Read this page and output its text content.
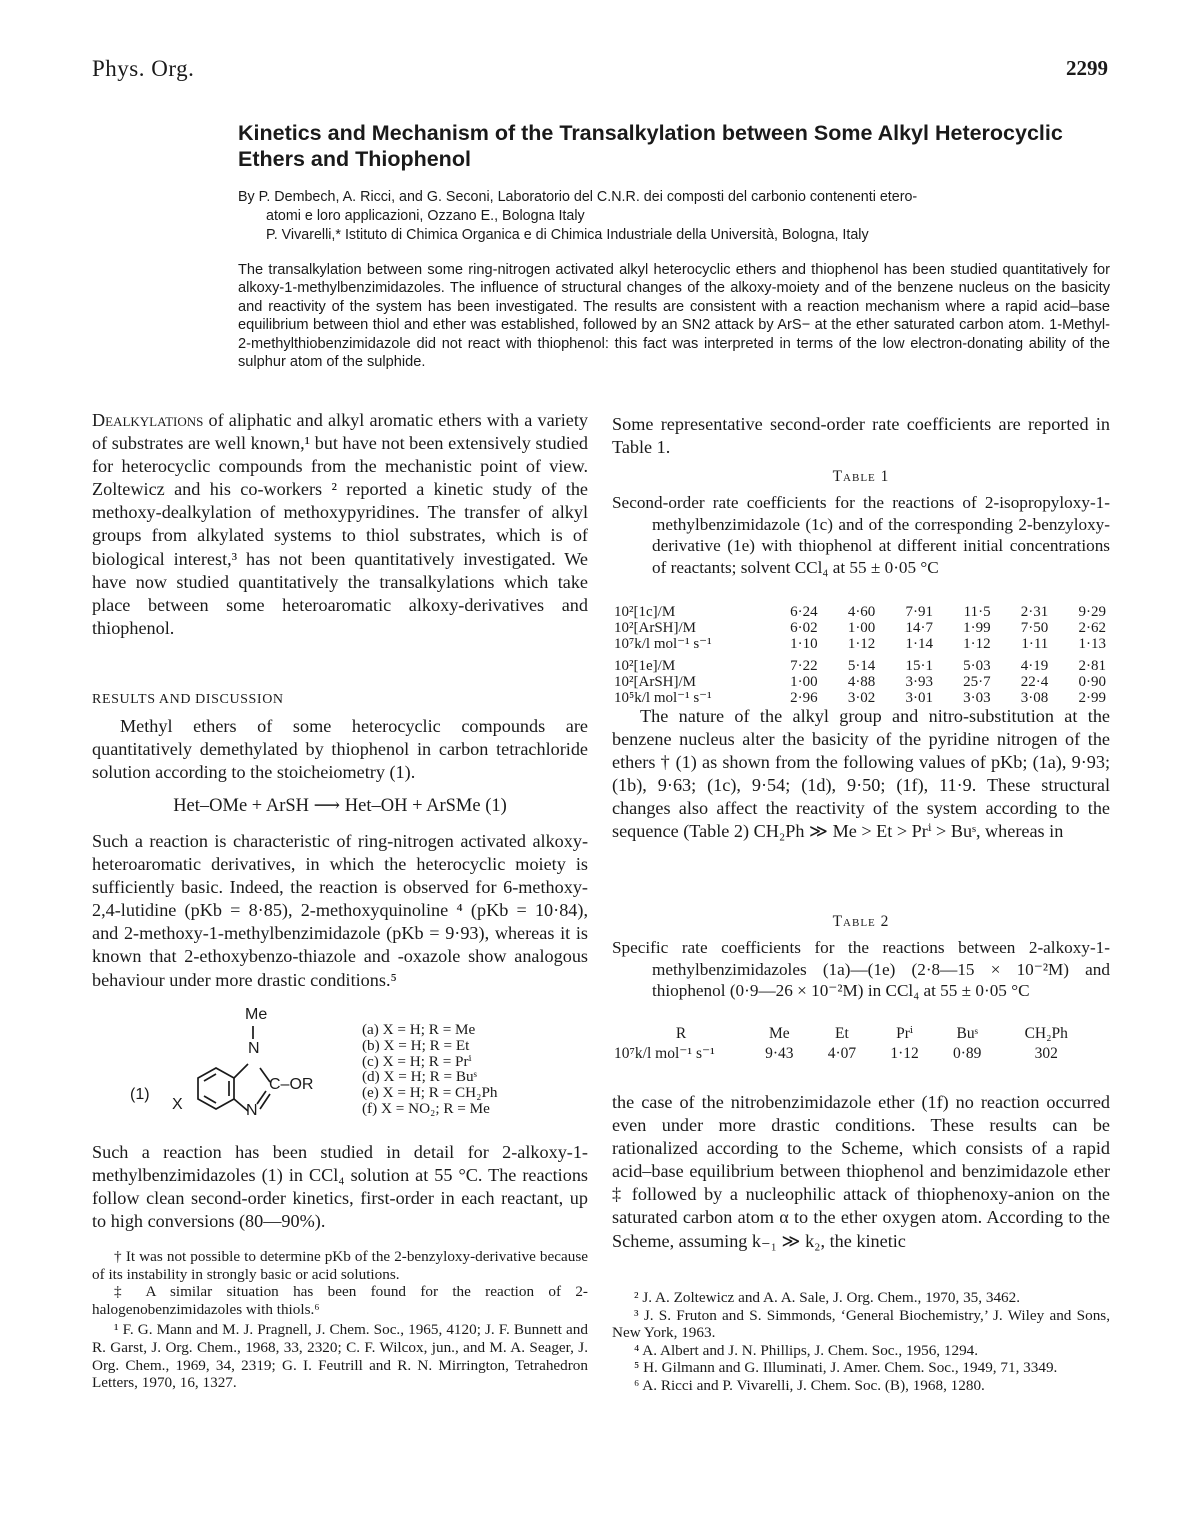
Phys. Org.	2299
Kinetics and Mechanism of the Transalkylation between Some Alkyl Heterocyclic Ethers and Thiophenol
By P. Dembech, A. Ricci, and G. Seconi, Laboratorio del C.N.R. dei composti del carbonio contenenti etero-
atomi e loro applicazioni, Ozzano E., Bologna Italy
P. Vivarelli,* Istituto di Chimica Organica e di Chimica Industriale della Università, Bologna, Italy
The transalkylation between some ring-nitrogen activated alkyl heterocyclic ethers and thiophenol has been studied quantitatively for alkoxy-1-methylbenzimidazoles. The influence of structural changes of the alkoxy-moiety and of the benzene nucleus on the basicity and reactivity of the system has been investigated. The results are consistent with a reaction mechanism where a rapid acid–base equilibrium between thiol and ether was established, followed by an SN2 attack by ArS− at the ether saturated carbon atom. 1-Methyl-2-methylthiobenzimidazole did not react with thiophenol: this fact was interpreted in terms of the low electron-donating ability of the sulphur atom of the sulphide.
Dealkylations of aliphatic and alkyl aromatic ethers with a variety of substrates are well known,¹ but have not been extensively studied for heterocyclic compounds from the mechanistic point of view. Zoltewicz and his co-workers ² reported a kinetic study of the methoxy-dealkylation of methoxypyridines. The transfer of alkyl groups from alkylated systems to thiol substrates, which is of biological interest,³ has not been quantitatively investigated. We have now studied quantitatively the transalkylations which take place between some heteroaromatic alkoxy-derivatives and thiophenol.
RESULTS AND DISCUSSION
Methyl ethers of some heterocyclic compounds are quantitatively demethylated by thiophenol in carbon tetrachloride solution according to the stoicheiometry (1).
Het–OMe + ArSH ⟶ Het–OH + ArSMe (1)
Such a reaction is characteristic of ring-nitrogen activated alkoxy-heteroaromatic derivatives, in which the heterocyclic moiety is sufficiently basic. Indeed, the reaction is observed for 6-methoxy-2,4-lutidine (pKb = 8·85), 2-methoxyquinoline ⁴ (pKb = 10·84), and 2-methoxy-1-methylbenzimidazole (pKb = 9·93), whereas it is known that 2-ethoxybenzo-thiazole and -oxazole show analogous behaviour under more drastic conditions.⁵
Me
N
N
C–OR
X
(1)
(a) X = H; R = Me
(b) X = H; R = Et
(c) X = H; R = Prⁱ
(d) X = H; R = Buˢ
(e) X = H; R = CH₂Ph
(f) X = NO₂; R = Me
Such a reaction has been studied in detail for 2-alkoxy-1-methylbenzimidazoles (1) in CCl₄ solution at 55 °C. The reactions follow clean second-order kinetics, first-order in each reactant, up to high conversions (80—90%).

† It was not possible to determine pKb of the 2-benzyloxy-derivative because of its instability in strongly basic or acid solutions.

‡ A similar situation has been found for the reaction of 2-halogenobenzimidazoles with thiols.⁶

¹ F. G. Mann and M. J. Pragnell, J. Chem. Soc., 1965, 4120; J. F. Bunnett and R. Garst, J. Org. Chem., 1968, 33, 2320; C. F. Wilcox, jun., and M. A. Seager, J. Org. Chem., 1969, 34, 2319; G. I. Feutrill and R. N. Mirrington, Tetrahedron Letters, 1970, 16, 1327.

Some representative second-order rate coefficients are reported in Table 1.
Table 1
Second-order rate coefficients for the reactions of 2-isopropyloxy-1-methylbenzimidazole (1c) and of the corresponding 2-benzyloxy-derivative (1e) with thiophenol at different initial concentrations of reactants; solvent CCl₄ at 55 ± 0·05 °C
10²[1c]/M	6·24	4·60	7·91	11·5	2·31	9·29
10²[ArSH]/M	6·02	1·00	14·7	1·99	7·50	2·62
10⁷k/l mol⁻¹ s⁻¹	1·10	1·12	1·14	1·12	1·11	1·13
10²[1e]/M	7·22	5·14	15·1	5·03	4·19	2·81
10²[ArSH]/M	1·00	4·88	3·93	25·7	22·4	0·90
10⁵k/l mol⁻¹ s⁻¹	2·96	3·02	3·01	3·03	3·08	2·99
The nature of the alkyl group and nitro-substitution at the benzene nucleus alter the basicity of the pyridine nitrogen of the ethers † (1) as shown from the following values of pKb; (1a), 9·93; (1b), 9·63; (1c), 9·54; (1d), 9·50; (1f), 11·9. These structural changes also affect the reactivity of the system according to the sequence (Table 2) CH₂Ph ≫ Me > Et > Prⁱ > Buˢ, whereas in
Table 2
Specific rate coefficients for the reactions between 2-alkoxy-1-methylbenzimidazoles (1a)—(1e) (2·8—15 × 10⁻²M) and thiophenol (0·9—26 × 10⁻²M) in CCl₄ at 55 ± 0·05 °C
R	Me	Et	Prⁱ	Buˢ	CH₂Ph
10⁷k/l mol⁻¹ s⁻¹	9·43	4·07	1·12	0·89	302
the case of the nitrobenzimidazole ether (1f) no reaction occurred even under more drastic conditions. These results can be rationalized according to the Scheme, which consists of a rapid acid–base equilibrium between thiophenol and benzimidazole ether ‡ followed by a nucleophilic attack of thiophenoxy-anion on the saturated carbon atom α to the ether oxygen atom. According to the Scheme, assuming k₋₁ ≫ k₂, the kinetic

² J. A. Zoltewicz and A. A. Sale, J. Org. Chem., 1970, 35, 3462.

³ J. S. Fruton and S. Simmonds, ‘General Biochemistry,’ J. Wiley and Sons, New York, 1963.

⁴ A. Albert and J. N. Phillips, J. Chem. Soc., 1956, 1294.

⁵ H. Gilmann and G. Illuminati, J. Amer. Chem. Soc., 1949, 71, 3349.

⁶ A. Ricci and P. Vivarelli, J. Chem. Soc. (B), 1968, 1280.
